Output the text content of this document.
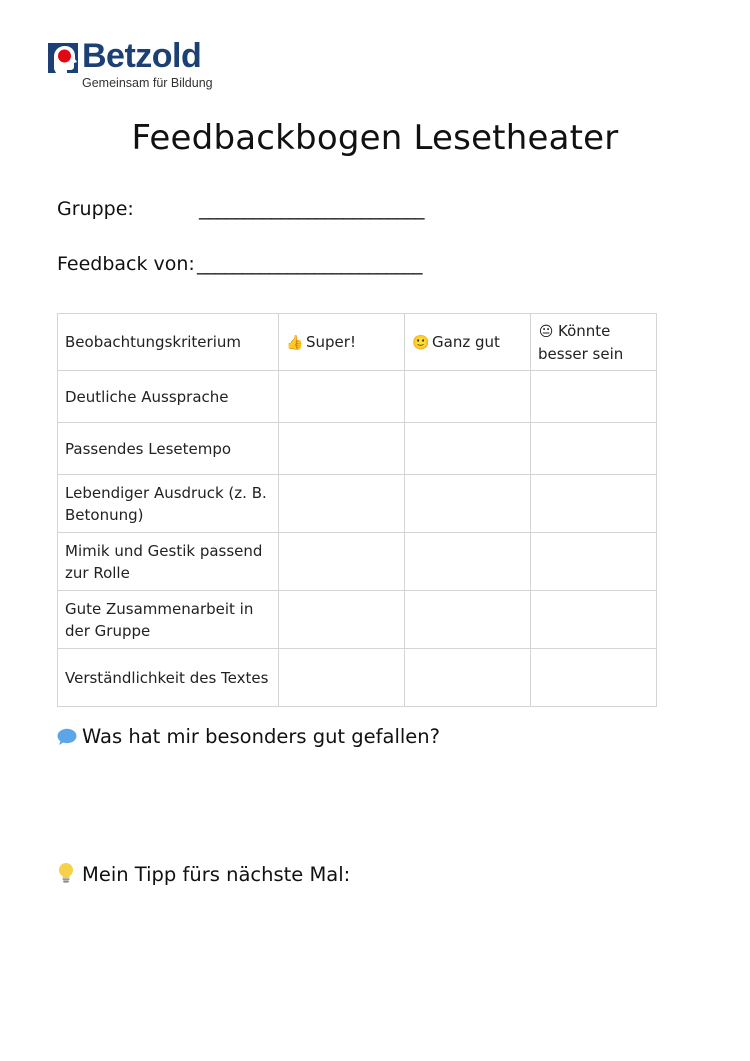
Betzold
Gemeinsam für Bildung
Feedbackbogen Lesetheater
Gruppe:	_________________________
Feedback von: _________________________
Beobachtungskriterium	👍 Super!	🙂 Ganz gut	😐 Könnte besser sein
Deutliche Aussprache			
Passendes Lesetempo			
Lebendiger Ausdruck (z. B. Betonung)			
Mimik und Gestik passend zur Rolle			
Gute Zusammenarbeit in der Gruppe			
Verständlichkeit des Textes			
Was hat mir besonders gut gefallen?
Mein Tipp fürs nächste Mal:
